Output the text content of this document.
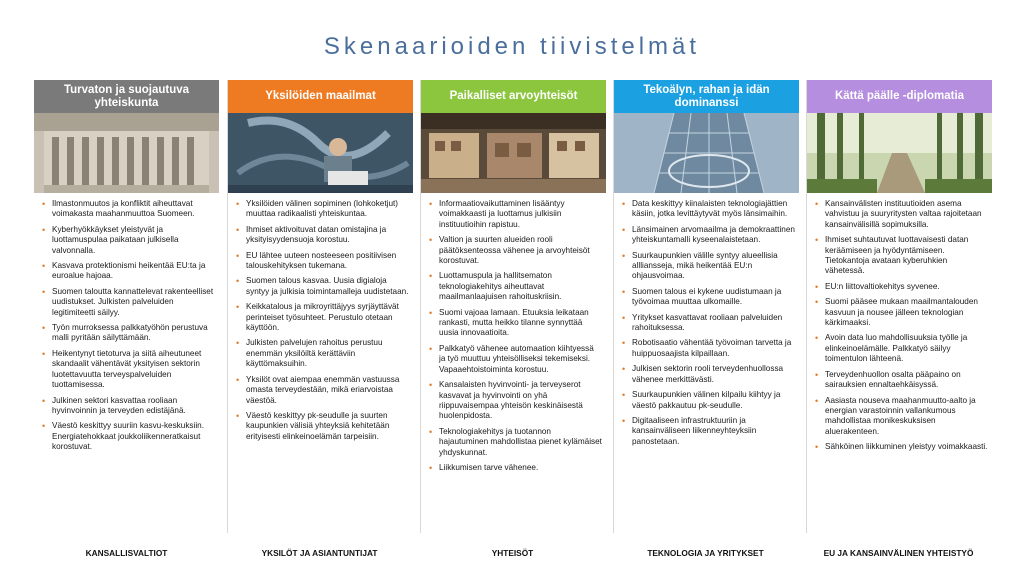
Skenaarioiden tiivistelmät
Turvaton ja suojautuva yhteiskunta
• Ilmastonmuutos ja konfliktit aiheuttavat voimakasta maahanmuuttoa Suomeen.
• Kyberhyökkäykset yleistyvät ja luottamuspulaa paikataan julkisella valvonnalla.
• Kasvava protektionismi heikentää EU:ta ja euroalue hajoaa.
• Suomen taloutta kannattelevat rakenteelliset uudistukset. Julkisten palveluiden legitimiteetti säilyy.
• Työn murroksessa palkkatyöhön perustuva malli pyritään säilyttämään.
• Heikentynyt tietoturva ja siitä aiheutuneet skandaalit vähentävät yksityisen sektorin luotettavuutta terveyspalveluiden tuottamisessa.
• Julkinen sektori kasvattaa rooliaan hyvinvoinnin ja terveyden edistäjänä.
• Väestö keskittyy suuriin kasvu-keskuksiin. Energiatehokkaat joukkoliikenneratkaisut korostuvat.
KANSALLISVALTIOT
Yksilöiden maailmat
• Yksilöiden välinen sopiminen (lohkoketjut) muuttaa radikaalisti yhteiskuntaa.
• Ihmiset aktivoituvat datan omistajina ja yksityisyydensuoja korostuu.
• EU lähtee uuteen nosteeseen positiivisen talouskehityksen tukemana.
• Suomen talous kasvaa. Uusia digialoja syntyy ja julkisia toimintamalleja uudistetaan.
• Keikkatalous ja mikroyrittäjyys syrjäyttävät perinteiset työsuhteet. Perustulo otetaan käyttöön.
• Julkisten palvelujen rahoitus perustuu enemmän yksilöiltä kerättäviin käyttömaksuihin.
• Yksilöt ovat aiempaa enemmän vastuussa omasta terveydestään, mikä eriarvoistaa väestöä.
• Väestö keskittyy pk-seudulle ja suurten kaupunkien välisiä yhteyksiä kehitetään erityisesti elinkeinoelämän tarpeisiin.
YKSILÖT JA ASIANTUNTIJAT
Paikalliset arvoyhteisöt
• Informaatiovaikuttaminen lisääntyy voimakkaasti ja luottamus julkisiin instituutioihin rapistuu.
• Valtion ja suurten alueiden rooli päätöksenteossa vähenee ja arvoyhteisöt korostuvat.
• Luottamuspula ja hallitsematon teknologiakehitys aiheuttavat maailmanlaajuisen rahoituskriisin.
• Suomi vajoaa lamaan. Etuuksia leikataan rankasti, mutta heikko tilanne synnyttää uusia innovaatioita.
• Palkkatyö vähenee automaation kiihtyessä ja työ muuttuu yhteisölliseksi tekemiseksi. Vapaaehtoistoiminta korostuu.
• Kansalaisten hyvinvointi- ja terveyserot kasvavat ja hyvinvointi on yhä riippuvaisempaa yhteisön keskinäisestä huolenpidosta.
• Teknologiakehitys ja tuotannon hajautuminen mahdollistaa pienet kylämäiset yhdyskunnat.
• Liikkumisen tarve vähenee.
YHTEISÖT
Tekoälyn, rahan ja idän dominanssi
• Data keskittyy kiinalaisten teknologiajättien käsiin, jotka levittäytyvät myös länsimaihin.
• Länsimainen arvomaailma ja demokraattinen yhteiskuntamalli kyseenalaistetaan.
• Suurkaupunkien välille syntyy alueellisia allliansseja, mikä heikentää EU:n ohjausvoimaa.
• Suomen talous ei kykene uudistumaan ja työvoimaa muuttaa ulkomaille.
• Yritykset kasvattavat rooliaan palveluiden rahoituksessa.
• Robotisaatio vähentää työvoiman tarvetta ja huippuosaajista kilpaillaan.
• Julkisen sektorin rooli terveydenhuollossa vähenee merkittävästi.
• Suurkaupunkien välinen kilpailu kiihtyy ja väestö pakkautuu pk-seudulle.
• Digitaaliseen infrastruktuuriin ja kansainväliseen liikenneyhteyksiin panostetaan.
TEKNOLOGIA JA YRITYKSET
Kättä päälle -diplomatia
• Kansainvälisten instituutioiden asema vahvistuu ja suuryritysten valtaa rajoitetaan kansainvälisillä sopimuksilla.
• Ihmiset suhtautuvat luottavaisesti datan keräämiseen ja hyödyntämiseen. Tietokantoja avataan kyberuhkien vähetessä.
• EU:n liittovaltiokehitys syvenee.
• Suomi pääsee mukaan maailmantalouden kasvuun ja nousee jälleen teknologian kärkimaaksi.
• Avoin data luo mahdollisuuksia työlle ja elinkeinoelämälle. Palkkatyö säilyy toimentulon lähteenä.
• Terveydenhuollon osalta pääpaino on sairauksien ennaltaehkäisyssä.
• Aasiasta nouseva maahanmuutto-aalto ja energian varastoinnin vallankumous mahdollistaa monikeskuksisen aluerakenteen.
• Sähköinen liikkuminen yleistyy voimakkaasti.
EU JA KANSAINVÄLINEN YHTEISTYÖ
